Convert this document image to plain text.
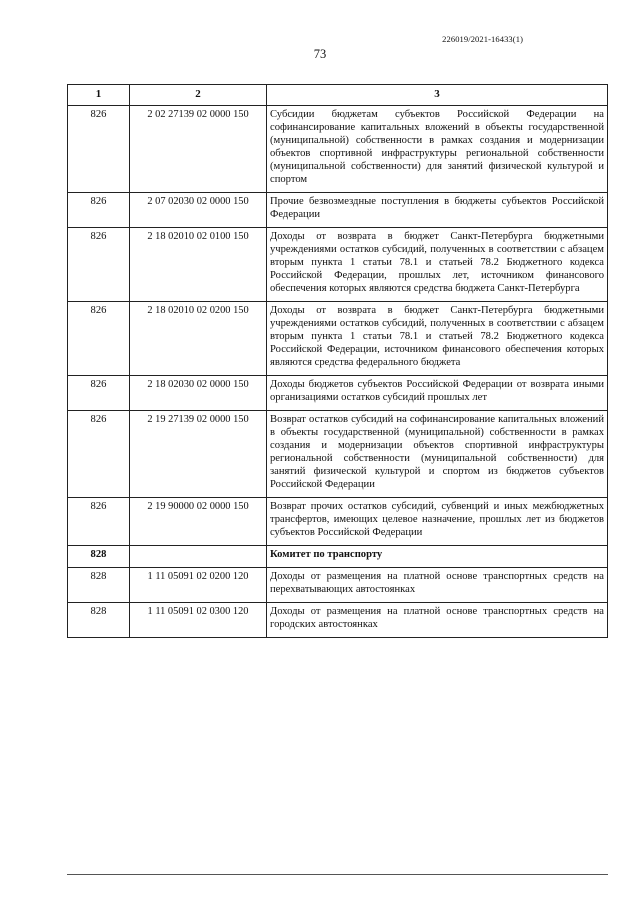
226019/2021-16433(1)
73
1	2	3
826	2 02 27139 02 0000 150	Субсидии бюджетам субъектов Российской Федерации на софинансирование капитальных вложений в объекты государственной (муниципальной) собственности в рамках создания и модернизации объектов спортивной инфраструктуры региональной собственности (муниципальной собственности) для занятий физической культурой и спортом
826	2 07 02030 02 0000 150	Прочие безвозмездные поступления в бюджеты субъектов Российской Федерации
826	2 18 02010 02 0100 150	Доходы от возврата в бюджет Санкт-Петербурга бюджетными учреждениями остатков субсидий, полученных в соответствии с абзацем вторым пункта 1 статьи 78.1 и статьей 78.2 Бюджетного кодекса Российской Федерации, прошлых лет, источником финансового обеспечения которых являются средства бюджета Санкт-Петербурга
826	2 18 02010 02 0200 150	Доходы от возврата в бюджет Санкт-Петербурга бюджетными учреждениями остатков субсидий, полученных в соответствии с абзацем вторым пункта 1 статьи 78.1 и статьей 78.2 Бюджетного кодекса Российской Федерации, источником финансового обеспечения которых являются средства федерального бюджета
826	2 18 02030 02 0000 150	Доходы бюджетов субъектов Российской Федерации от возврата иными организациями остатков субсидий прошлых лет
826	2 19 27139 02 0000 150	Возврат остатков субсидий на софинансирование капитальных вложений в объекты государственной (муниципальной) собственности в рамках создания и модернизации объектов спортивной инфраструктуры региональной собственности (муниципальной собственности) для занятий физической культурой и спортом из бюджетов субъектов Российской Федерации
826	2 19 90000 02 0000 150	Возврат прочих остатков субсидий, субвенций и иных межбюджетных трансфертов, имеющих целевое назначение, прошлых лет из бюджетов субъектов Российской Федерации
828		Комитет по транспорту
828	1 11 05091 02 0200 120	Доходы от размещения на платной основе транспортных средств на перехватывающих автостоянках
828	1 11 05091 02 0300 120	Доходы от размещения на платной основе транспортных средств на городских автостоянках
